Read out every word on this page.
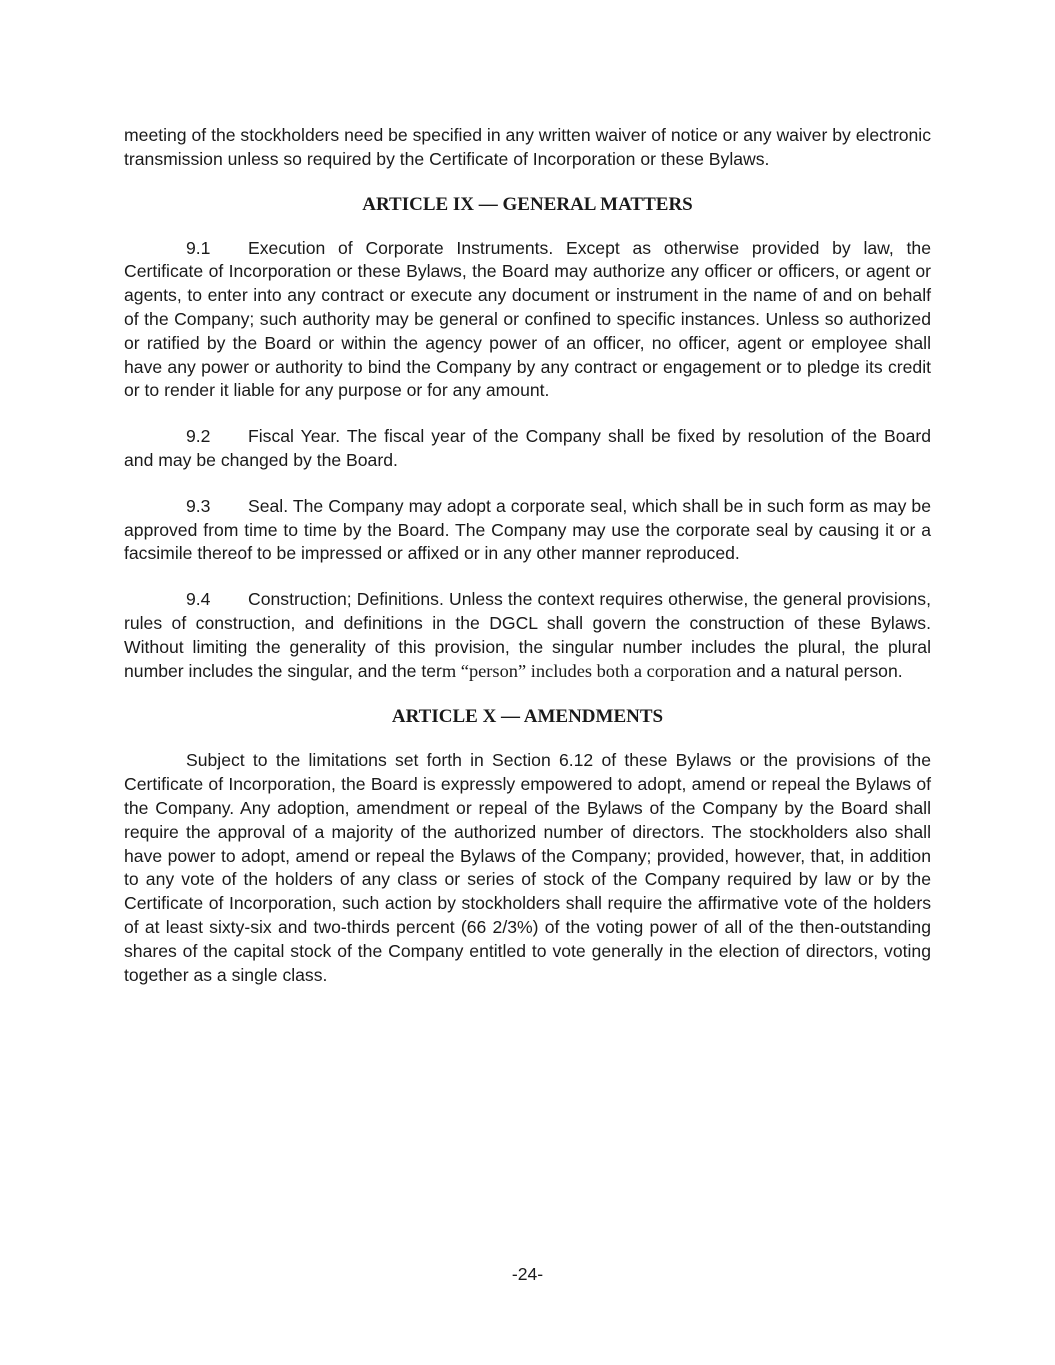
meeting of the stockholders need be specified in any written waiver of notice or any waiver by electronic transmission unless so required by the Certificate of Incorporation or these Bylaws.

ARTICLE IX — GENERAL MATTERS

9.1 Execution of Corporate Instruments. Except as otherwise provided by law, the Certificate of Incorporation or these Bylaws, the Board may authorize any officer or officers, or agent or agents, to enter into any contract or execute any document or instrument in the name of and on behalf of the Company; such authority may be general or confined to specific instances. Unless so authorized or ratified by the Board or within the agency power of an officer, no officer, agent or employee shall have any power or authority to bind the Company by any contract or engagement or to pledge its credit or to render it liable for any purpose or for any amount.

9.2 Fiscal Year. The fiscal year of the Company shall be fixed by resolution of the Board and may be changed by the Board.

9.3 Seal. The Company may adopt a corporate seal, which shall be in such form as may be approved from time to time by the Board. The Company may use the corporate seal by causing it or a facsimile thereof to be impressed or affixed or in any other manner reproduced.

9.4 Construction; Definitions. Unless the context requires otherwise, the general provisions, rules of construction, and definitions in the DGCL shall govern the construction of these Bylaws. Without limiting the generality of this provision, the singular number includes the plural, the plural number includes the singular, and the term “person” includes both a corporation and a natural person.

ARTICLE X — AMENDMENTS

Subject to the limitations set forth in Section 6.12 of these Bylaws or the provisions of the Certificate of Incorporation, the Board is expressly empowered to adopt, amend or repeal the Bylaws of the Company. Any adoption, amendment or repeal of the Bylaws of the Company by the Board shall require the approval of a majority of the authorized number of directors. The stockholders also shall have power to adopt, amend or repeal the Bylaws of the Company; provided, however, that, in addition to any vote of the holders of any class or series of stock of the Company required by law or by the Certificate of Incorporation, such action by stockholders shall require the affirmative vote of the holders of at least sixty-six and two-thirds percent (66 2/3%) of the voting power of all of the then-outstanding shares of the capital stock of the Company entitled to vote generally in the election of directors, voting together as a single class.

-24-
